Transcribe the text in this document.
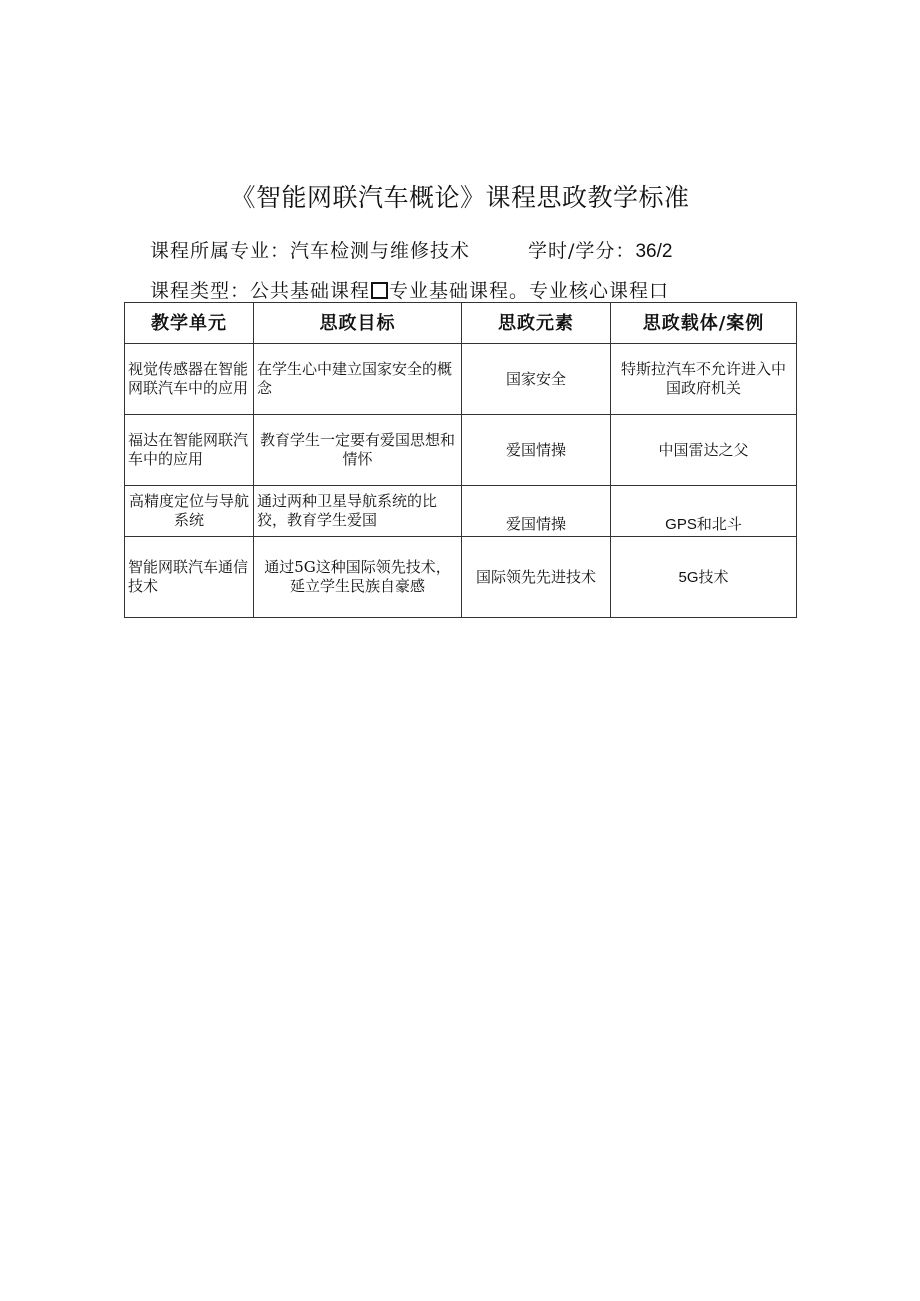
《智能网联汽车概论》课程思政教学标准
课程所属专业：汽车检测与维修技术	学时/学分：36/2
课程类型：公共基础课程 专业基础课程。专业核心课程口
教学单元	思政目标	思政元素	思政载体/案例
视觉传感器在智能网联汽车中的应用	在学生心中建立国家安全的概念	国家安全	特斯拉汽车不允许进入中国政府机关
福达在智能网联汽车中的应用	教育学生一定要有爱国思想和情怀	爱国情操	中国雷达之父
高精度定位与导航系统	通过两种卫星导航系统的比狡，教育学生爱国	爱国情操	GPS和北斗
智能网联汽车通信技术	通过5G这种国际领先技术，延立学生民族自豪感	国际领先先进技术	5G技术
